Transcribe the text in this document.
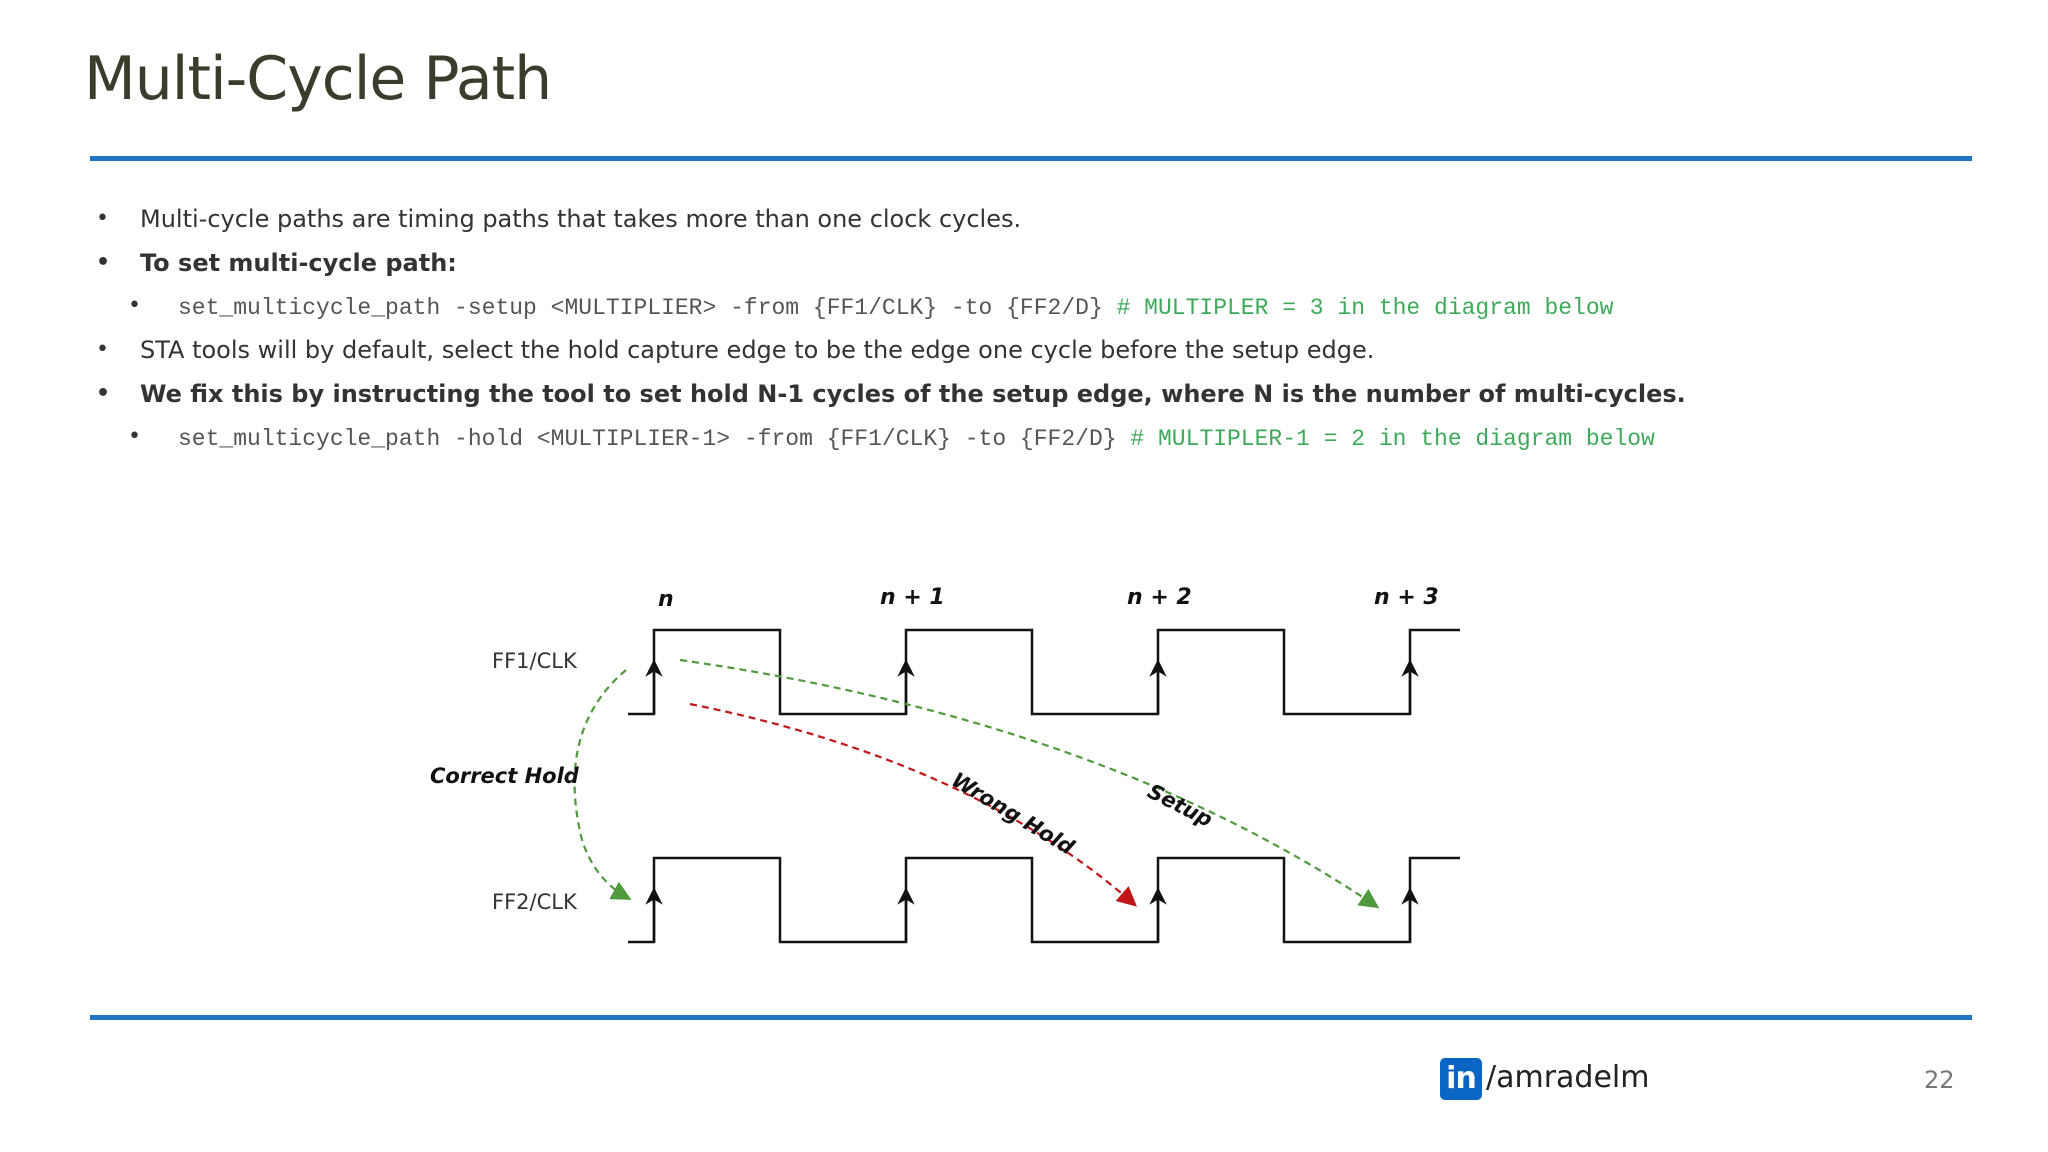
Multi-Cycle Path
• Multi-cycle paths are timing paths that takes more than one clock cycles.
• To set multi-cycle path:
• set_multicycle_path -setup <MULTIPLIER> -from {FF1/CLK} -to {FF2/D} # MULTIPLER = 3 in the diagram below
• STA tools will by default, select the hold capture edge to be the edge one cycle before the setup edge.
• We fix this by instructing the tool to set hold N-1 cycles of the setup edge, where N is the number of multi-cycles.
• set_multicycle_path -hold <MULTIPLIER-1> -from {FF1/CLK} -to {FF2/D} # MULTIPLER-1 = 2 in the diagram below
n	n + 1	n + 2	n + 3
FF1/CLK
FF2/CLK
Correct Hold	Wrong Hold	Setup
in /amradelm	22
